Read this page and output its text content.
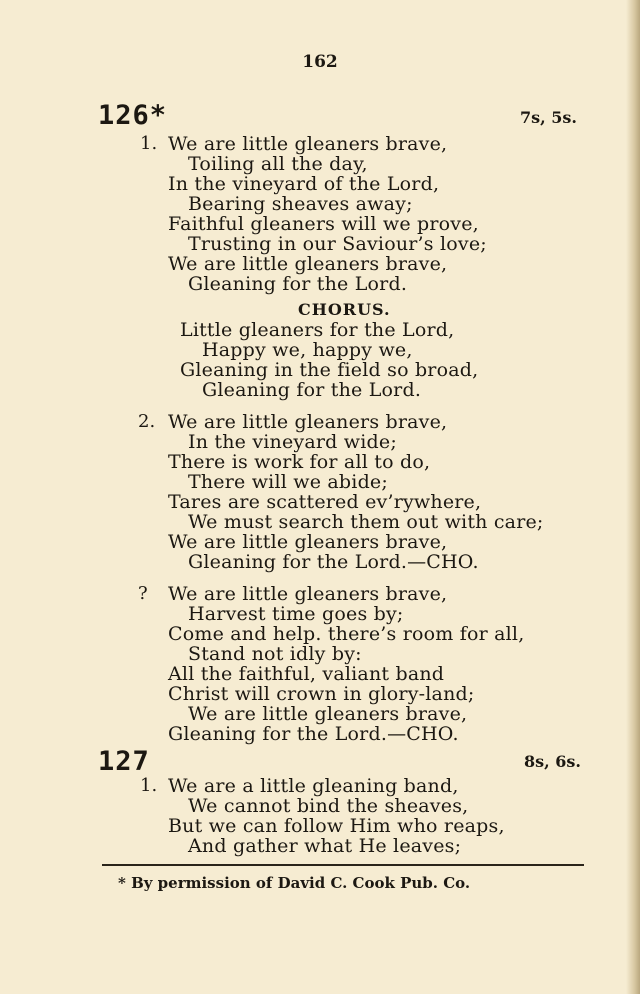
162
126*	7s, 5s.
1. We are little gleaners brave,
Toiling all the day,
In the vineyard of the Lord,
Bearing sheaves away;
Faithful gleaners will we prove,
Trusting in our Saviour’s love;
We are little gleaners brave,
Gleaning for the Lord.
CHORUS.
Little gleaners for the Lord,
Happy we, happy we,
Gleaning in the field so broad,
Gleaning for the Lord.
2. We are little gleaners brave,
In the vineyard wide;
There is work for all to do,
There will we abide;
Tares are scattered ev’rywhere,
We must search them out with care;
We are little gleaners brave,
Gleaning for the Lord.—CHO.
? We are little gleaners brave,
Harvest time goes by;
Come and help. there’s room for all,
Stand not idly by:
All the faithful, valiant band
Christ will crown in glory-land;
We are little gleaners brave,
Gleaning for the Lord.—CHO.
127	8s, 6s.
1. We are a little gleaning band,
We cannot bind the sheaves,
But we can follow Him who reaps,
And gather what He leaves;
* By permission of David C. Cook Pub. Co.
